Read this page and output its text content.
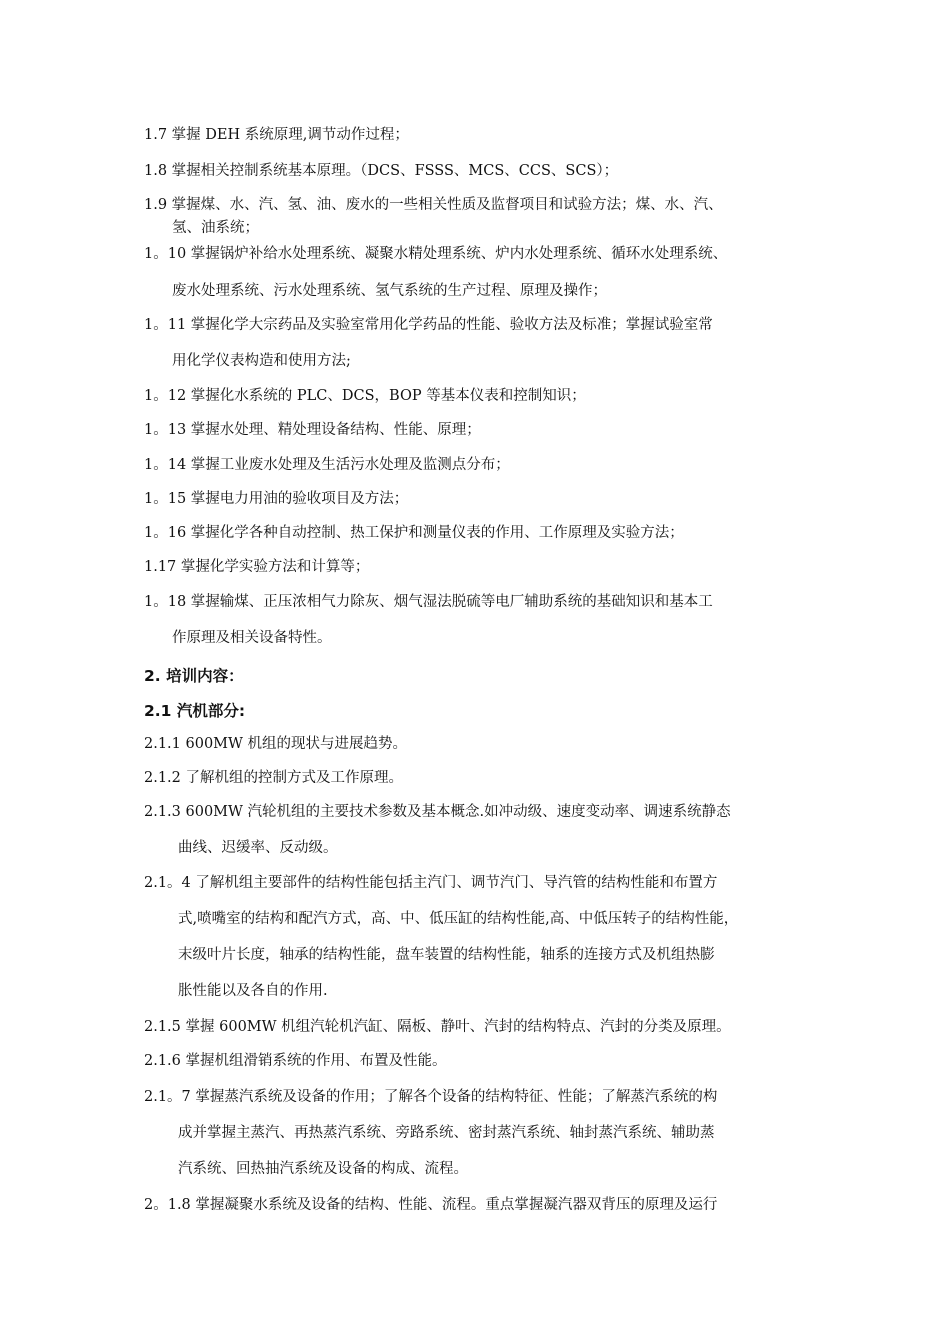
1.7 掌握 DEH 系统原理,调节动作过程；
1.8 掌握相关控制系统基本原理。（DCS、FSSS、MCS、CCS、SCS）；
1.9 掌握煤、水、汽、氢、油、废水的一些相关性质及监督项目和试验方法；煤、水、汽、
氢、油系统；
1。10 掌握锅炉补给水处理系统、凝聚水精处理系统、炉内水处理系统、循环水处理系统、
废水处理系统、污水处理系统、氢气系统的生产过程、原理及操作；
1。11 掌握化学大宗药品及实验室常用化学药品的性能、验收方法及标准；掌握试验室常
用化学仪表构造和使用方法;
1。12 掌握化水系统的 PLC、DCS，BOP 等基本仪表和控制知识；
1。13 掌握水处理、精处理设备结构、性能、原理；
1。14 掌握工业废水处理及生活污水处理及监测点分布；
1。15 掌握电力用油的验收项目及方法；
1。16 掌握化学各种自动控制、热工保护和测量仪表的作用、工作原理及实验方法；
1.17 掌握化学实验方法和计算等；
1。18 掌握输煤、正压浓相气力除灰、烟气湿法脱硫等电厂辅助系统的基础知识和基本工
作原理及相关设备特性。
2. 培训内容：
2.1 汽机部分:
2.1.1 600MW 机组的现状与进展趋势。
2.1.2 了解机组的控制方式及工作原理。
2.1.3 600MW 汽轮机组的主要技术参数及基本概念.如冲动级、速度变动率、调速系统静态
曲线、迟缓率、反动级。
2.1。4 了解机组主要部件的结构性能包括主汽门、调节汽门、导汽管的结构性能和布置方
式,喷嘴室的结构和配汽方式，高、中、低压缸的结构性能,高、中低压转子的结构性能，
末级叶片长度，轴承的结构性能，盘车装置的结构性能，轴系的连接方式及机组热膨
胀性能以及各自的作用.
2.1.5 掌握 600MW 机组汽轮机汽缸、隔板、静叶、汽封的结构特点、汽封的分类及原理。
2.1.6 掌握机组滑销系统的作用、布置及性能。
2.1。7 掌握蒸汽系统及设备的作用；了解各个设备的结构特征、性能；了解蒸汽系统的构
成并掌握主蒸汽、再热蒸汽系统、旁路系统、密封蒸汽系统、轴封蒸汽系统、辅助蒸
汽系统、回热抽汽系统及设备的构成、流程。
2。1.8 掌握凝聚水系统及设备的结构、性能、流程。重点掌握凝汽器双背压的原理及运行
